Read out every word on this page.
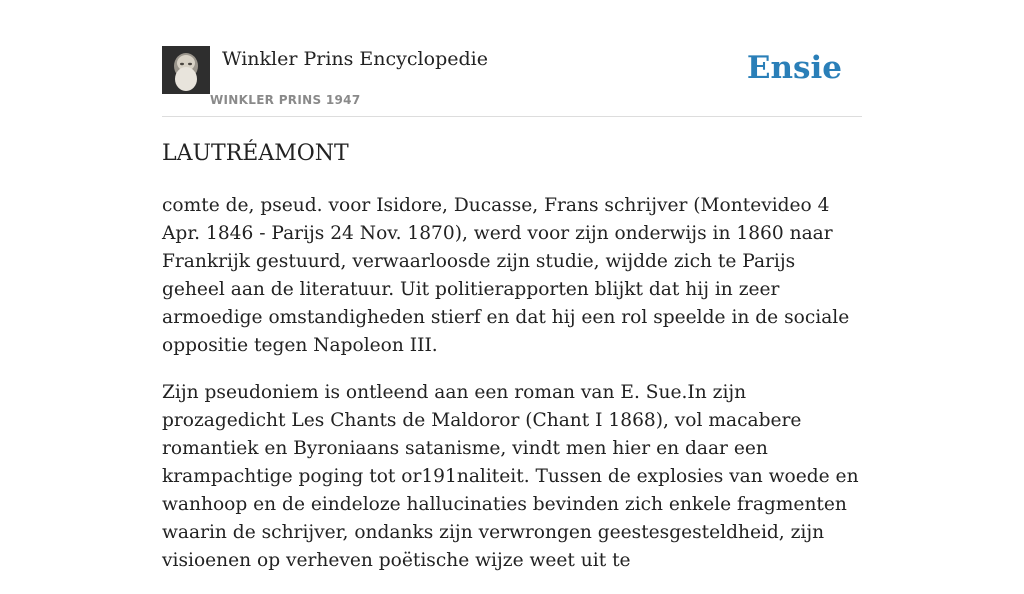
Winkler Prins Encyclopedie
WINKLER PRINS 1947
Ensie
LAUTRÉAMONT

comte de, pseud. voor Isidore, Ducasse, Frans schrijver (Montevideo 4 Apr. 1846 - Parijs 24 Nov. 1870), werd voor zijn onderwijs in 1860 naar Frankrijk gestuurd, verwaarloosde zijn studie, wijdde zich te Parijs geheel aan de literatuur. Uit politierapporten blijkt dat hij in zeer armoedige omstandigheden stierf en dat hij een rol speelde in de sociale oppositie tegen Napoleon III.

Zijn pseudoniem is ontleend aan een roman van E. Sue.In zijn prozagedicht Les Chants de Maldoror (Chant I 1868), vol macabere romantiek en Byroniaans satanisme, vindt men hier en daar een krampachtige poging tot or191naliteit. Tussen de explosies van woede en wanhoop en de eindeloze hallucinaties bevinden zich enkele fragmenten waarin de schrijver, ondanks zijn verwrongen geestesgesteldheid, zijn visioenen op verheven poëtische wijze weet uit te
